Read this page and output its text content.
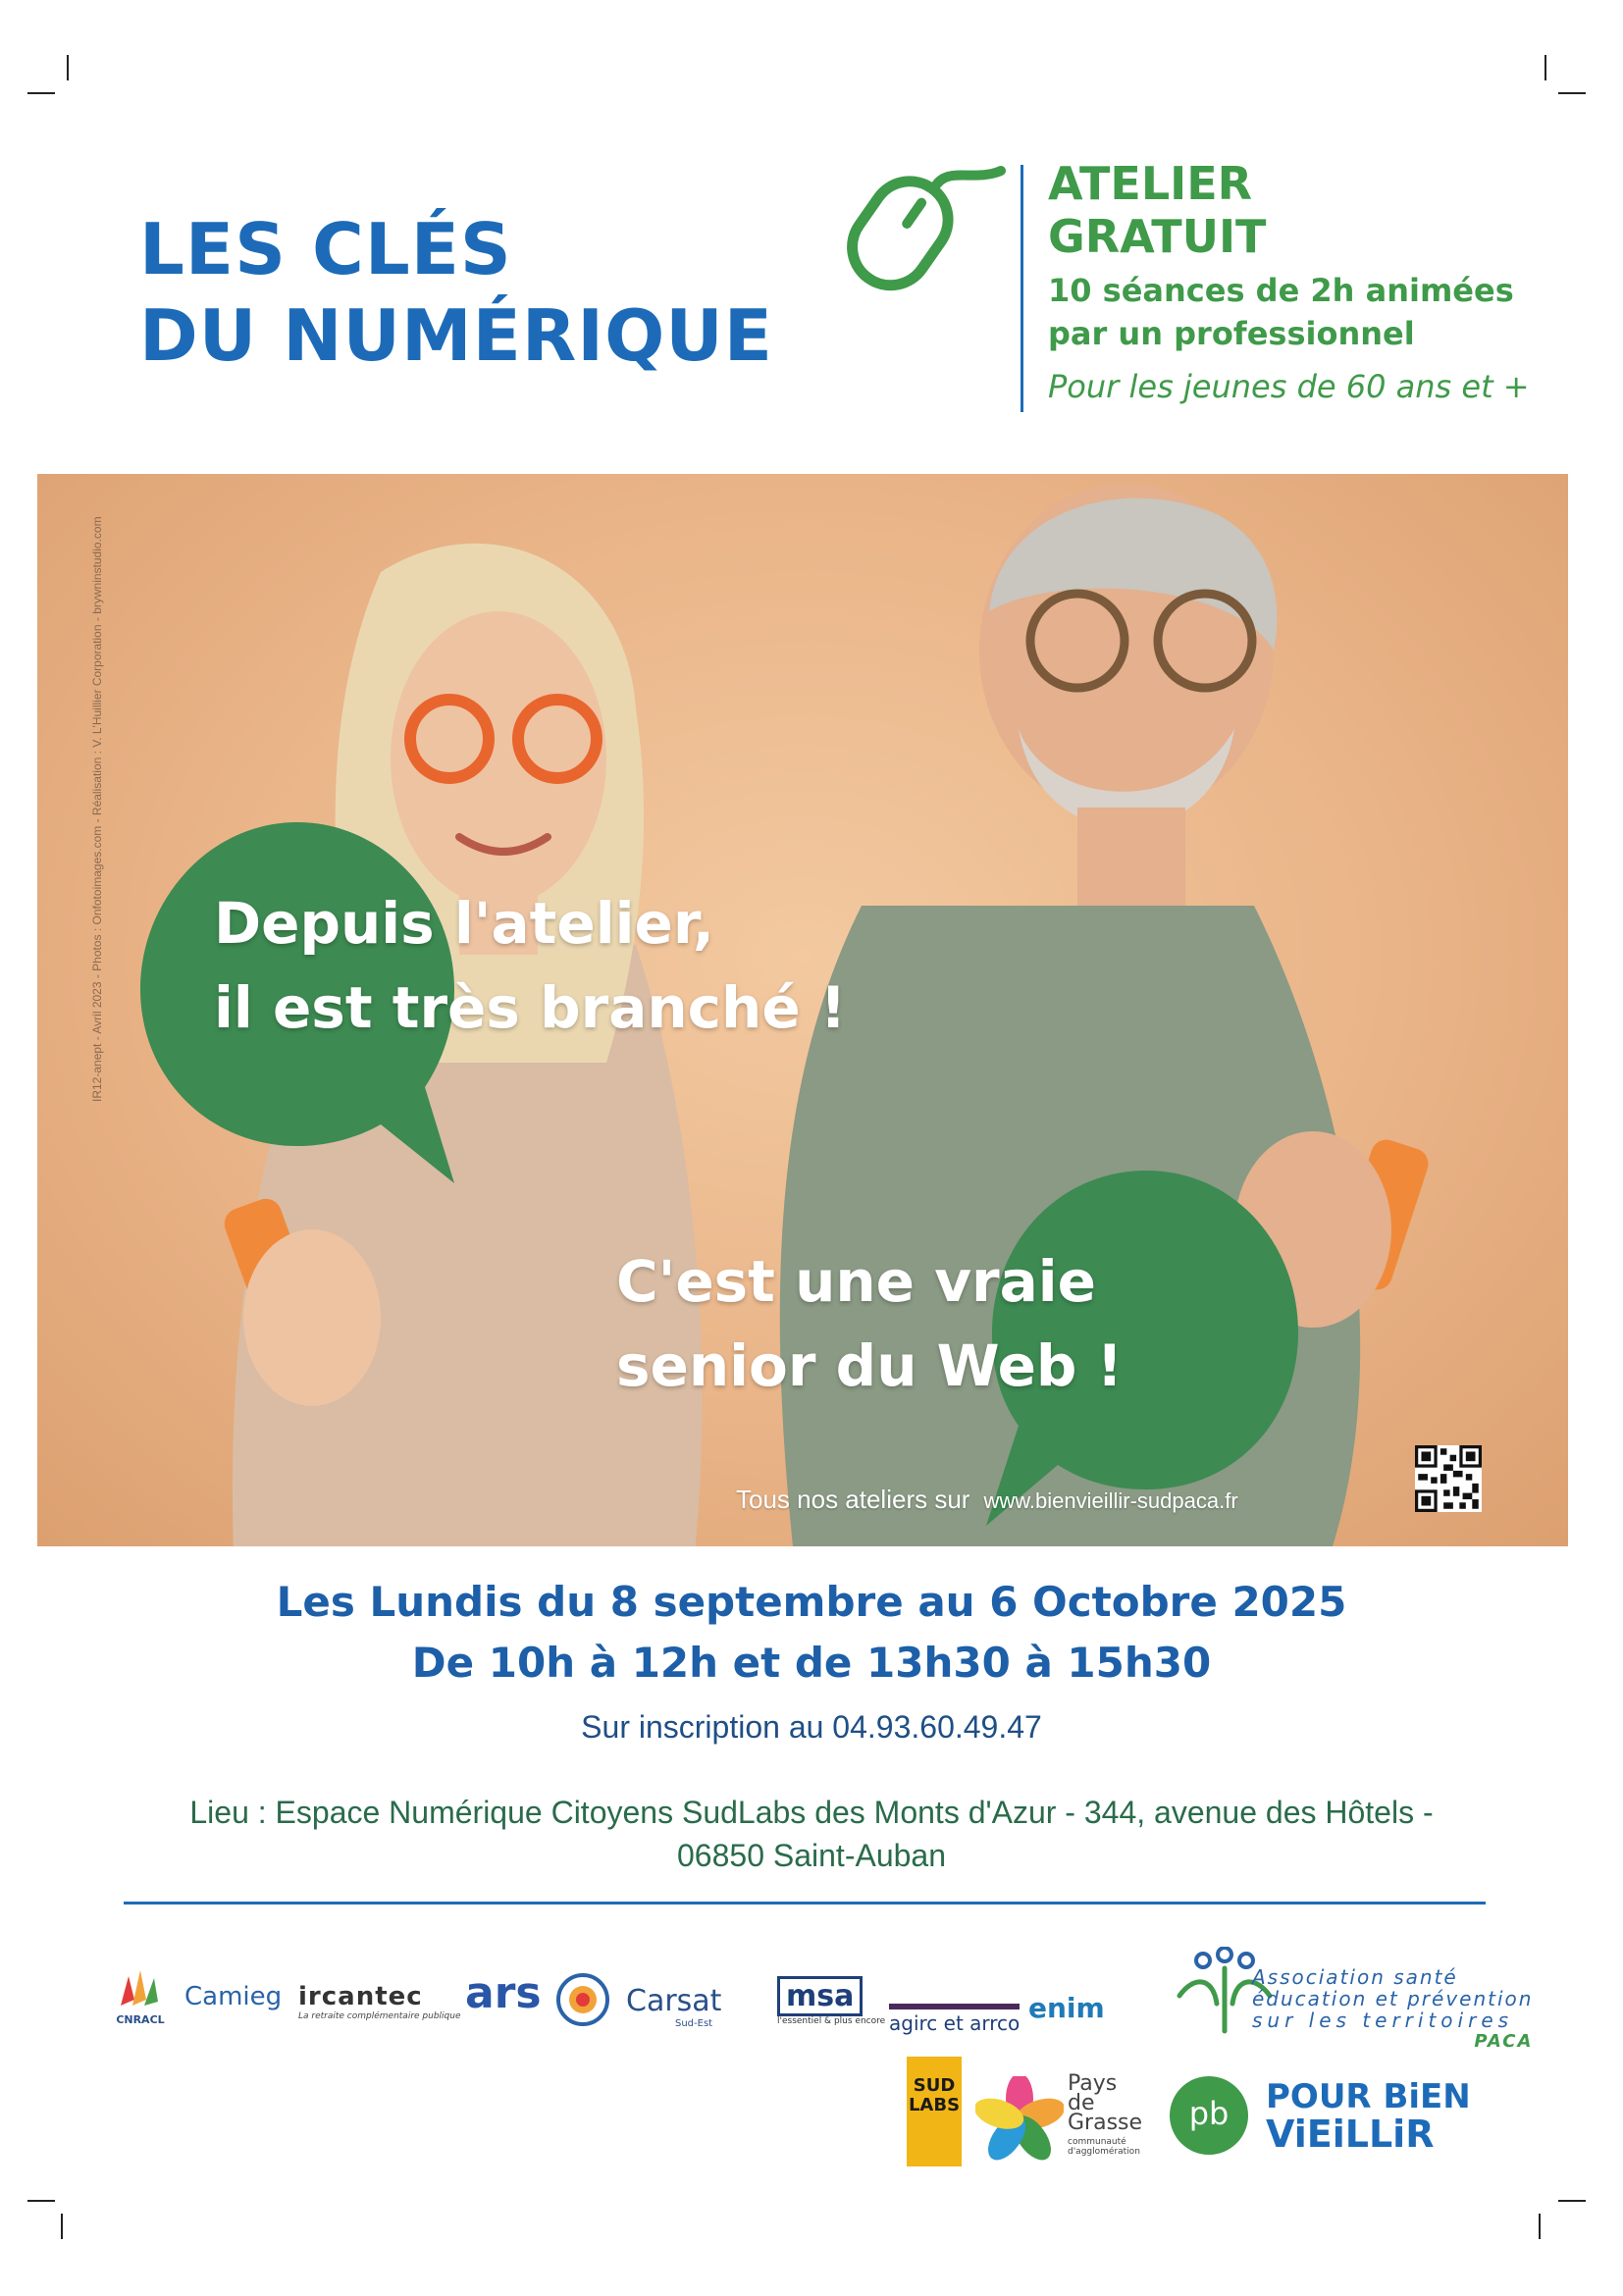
LES CLÉS
DU NUMÉRIQUE
ATELIER
GRATUIT
10 séances de 2h animées
par un professionnel
Pour les jeunes de 60 ans et +
Depuis l'atelier,
il est très branché !
C'est une vraie
senior du Web !
Tous nos ateliers sur www.bienvieillir-sudpaca.fr
IR12-anept - Avril 2023 - Photos : Onfotoimages.com - Réalisation : V. L'Huillier Corporation - brywninstudio.com
Les Lundis du 8 septembre au 6 Octobre 2025
De 10h à 12h et de 13h30 à 15h30
Sur inscription au 04.93.60.49.47
Lieu : Espace Numérique Citoyens SudLabs des Monts d'Azur - 344, avenue des Hôtels -
06850 Saint-Auban
CNRACL
Camieg ircantec
La retraite complémentaire publique ars	Carsat
Sud-Est
msa
l'essentiel & plus encore agirc et arrco enim
Association santé
éducation et prévention
sur les territoires
PACA
SUD LABS
Pays
de
Grasse
communauté d'agglomération
pb	POUR BiEN
ViEiLLiR
